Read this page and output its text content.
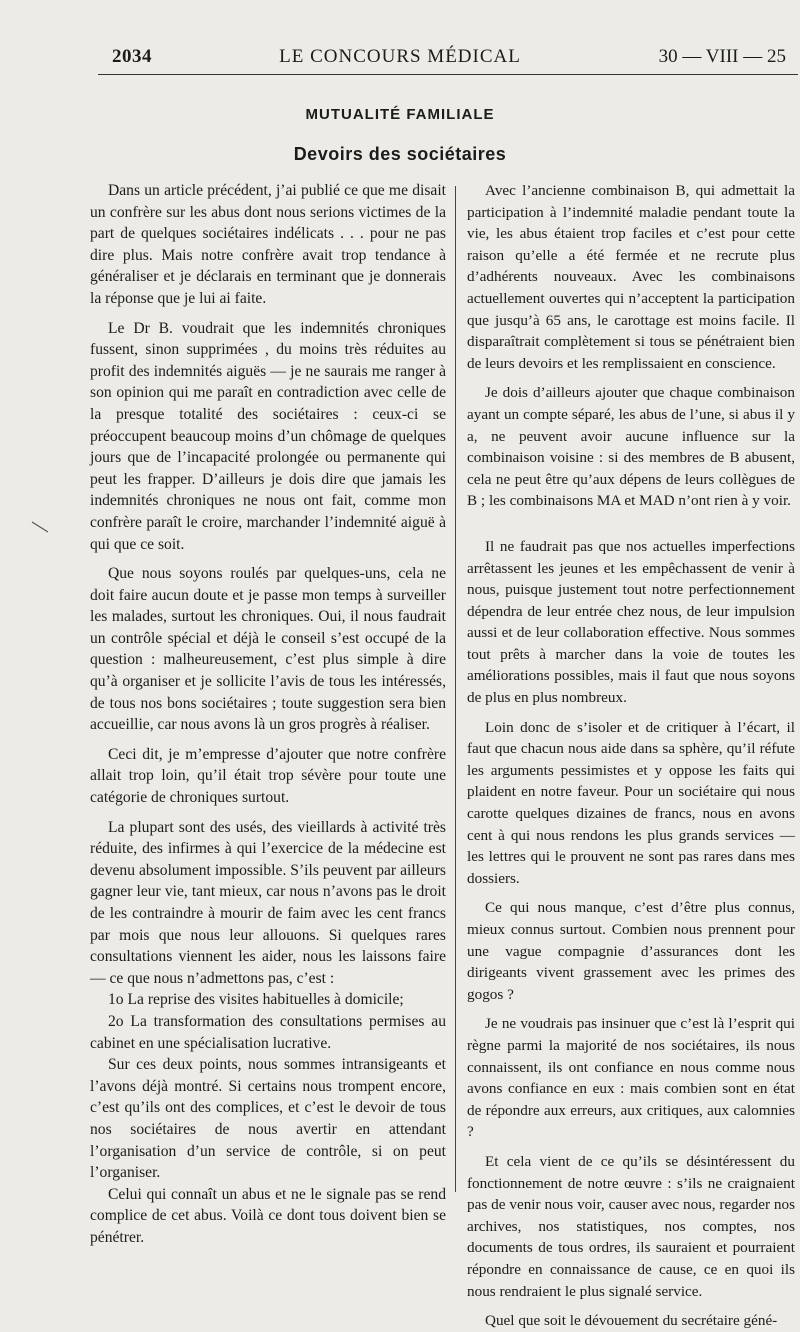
2034	LE CONCOURS MÉDICAL	30 — VIII — 25
MUTUALITÉ FAMILIALE
Devoirs des sociétaires

Dans un article précédent, j’ai publié ce que me disait un confrère sur les abus dont nous serions victimes de la part de quelques sociétaires indélicats . . . pour ne pas dire plus. Mais notre confrère avait trop tendance à généraliser et je déclarais en terminant que je donnerais la réponse que je lui ai faite.

Le Dr B. voudrait que les indemnités chroniques fussent, sinon supprimées , du moins très réduites au profit des indemnités aiguës — je ne saurais me ranger à son opinion qui me paraît en contradiction avec celle de la presque totalité des sociétaires : ceux-ci se préoccupent beaucoup moins d’un chômage de quelques jours que de l’incapacité prolongée ou permanente qui peut les frapper. D’ailleurs je dois dire que jamais les indemnités chroniques ne nous ont fait, comme mon confrère paraît le croire, marchander l’indemnité aiguë à qui que ce soit.

Que nous soyons roulés par quelques-uns, cela ne doit faire aucun doute et je passe mon temps à surveiller les malades, surtout les chroniques. Oui, il nous faudrait un contrôle spécial et déjà le conseil s’est occupé de la question : malheureusement, c’est plus simple à dire qu’à organiser et je sollicite l’avis de tous les intéressés, de tous nos bons sociétaires ; toute suggestion sera bien accueillie, car nous avons là un gros progrès à réaliser.

Ceci dit, je m’empresse d’ajouter que notre confrère allait trop loin, qu’il était trop sévère pour toute une catégorie de chroniques surtout.

La plupart sont des usés, des vieillards à activité très réduite, des infirmes à qui l’exercice de la médecine est devenu absolument impossible. S’ils peuvent par ailleurs gagner leur vie, tant mieux, car nous n’avons pas le droit de les contraindre à mourir de faim avec les cent francs par mois que nous leur allouons. Si quelques rares consultations viennent les aider, nous les laissons faire — ce que nous n’admettons pas, c’est :

1o La reprise des visites habituelles à domicile;

2o La transformation des consultations permises au cabinet en une spécialisation lucrative.

Sur ces deux points, nous sommes intransigeants et l’avons déjà montré. Si certains nous trompent encore, c’est qu’ils ont des complices, et c’est le devoir de tous nos sociétaires de nous avertir en attendant l’organisation d’un service de contrôle, si on peut l’organiser.

Celui qui connaît un abus et ne le signale pas se rend complice de cet abus. Voilà ce dont tous doivent bien se pénétrer.

Avec l’ancienne combinaison B, qui admettait la participation à l’indemnité maladie pendant toute la vie, les abus étaient trop faciles et c’est pour cette raison qu’elle a été fermée et ne recrute plus d’adhérents nouveaux. Avec les combinaisons actuellement ouvertes qui n’acceptent la participation que jusqu’à 65 ans, le carottage est moins facile. Il disparaîtrait complètement si tous se pénétraient bien de leurs devoirs et les remplissaient en conscience.

Je dois d’ailleurs ajouter que chaque combinaison ayant un compte séparé, les abus de l’une, si abus il y a, ne peuvent avoir aucune influence sur la combinaison voisine : si des membres de B abusent, cela ne peut être qu’aux dépens de leurs collègues de B ; les combinaisons MA et MAD n’ont rien à y voir.

Il ne faudrait pas que nos actuelles imperfections arrêtassent les jeunes et les empêchassent de venir à nous, puisque justement tout notre perfectionnement dépendra de leur entrée chez nous, de leur impulsion aussi et de leur collaboration effective. Nous sommes tout prêts à marcher dans la voie de toutes les améliorations possibles, mais il faut que nous soyons de plus en plus nombreux.

Loin donc de s’isoler et de critiquer à l’écart, il faut que chacun nous aide dans sa sphère, qu’il réfute les arguments pessimistes et y oppose les faits qui plaident en notre faveur. Pour un sociétaire qui nous carotte quelques dizaines de francs, nous en avons cent à qui nous rendons les plus grands services — les lettres qui le prouvent ne sont pas rares dans mes dossiers.

Ce qui nous manque, c’est d’être plus connus, mieux connus surtout. Combien nous prennent pour une vague compagnie d’assurances dont les dirigeants vivent grassement avec les primes des gogos ?

Je ne voudrais pas insinuer que c’est là l’esprit qui règne parmi la majorité de nos sociétaires, ils nous connaissent, ils ont confiance en nous comme nous avons confiance en eux : mais combien sont en état de répondre aux erreurs, aux critiques, aux calomnies ?

Et cela vient de ce qu’ils se désintéressent du fonctionnement de notre œuvre : s’ils ne craignaient pas de venir nous voir, causer avec nous, regarder nos archives, nos statistiques, nos comptes, nos documents de tous ordres, ils sauraient et pourraient répondre en connaissance de cause, ce en quoi ils nous rendraient le plus signalé service.

Quel que soit le dévouement du secrétaire géné-
